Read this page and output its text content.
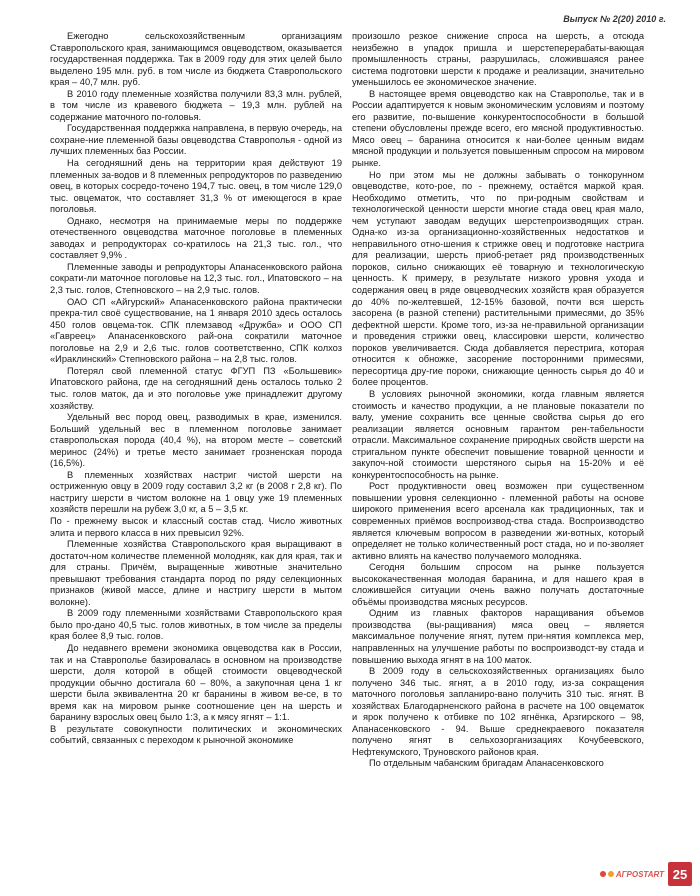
Выпуск № 2(20) 2010 г.

Ежегодно сельскохозяйственным организациям Ставропольского края, занимающимся овцеводством, оказывается государственная поддержка. Так в 2009 году для этих целей было выделено 195 млн. руб. в том числе из бюджета Ставропольского края – 40,7 млн. руб.

В 2010 году племенные хозяйства получили 83,3 млн. рублей, в том числе из кравевого бюджета – 19,3 млн. рублей на содержание маточного по-головья.

Государственная поддержка направлена, в первую очередь, на сохране-ние племенной базы овцеводства Ставрополья - одной из лучших племенных баз России.

На сегодняшний день на территории края действуют 19 племенных за-водов и 8 племенных репродукторов по разведению овец, в которых сосредо-точено 194,7 тыс. овец, в том числе 129,0 тыс. овцематок, что составляет 31,3 % от имеющегося в крае поголовья.

Однако, несмотря на принимаемые меры по поддержке отечественного овцеводства маточное поголовье в племенных заводах и репродукторах со-кратилось на 21,3 тыс. гол., что составляет 9,9% .

Племенные заводы и репродукторы Апанасенковского района сократи-ли маточное поголовье на 12,3 тыс. гол., Ипатовского – на 2,3 тыс. голов, Степновского – на 2,9 тыс. голов.

ОАО СП «Айгурский» Апанасенковского района практически прекра-тил своё существование, на 1 января 2010 здесь осталось 450 голов овцема-ток. СПК племзавод «Дружба» и ООО СП «Гавреец» Апанасенковского рай-она сократили маточное поголовье на 2,9 и 2,6 тыс. голов соответственно, СПК колхоз «Ираклинский» Степновского района – на 2,8 тыс. голов.

Потерял свой племенной статус ФГУП ПЗ «Большевик» Ипатовского района, где на сегодняшний день осталось только 2 тыс. голов маток, да и это поголовье уже принадлежит другому хозяйству.

Удельный вес пород овец, разводимых в крае, изменился. Больший удельный вес в племенном поголовье занимает ставропольская порода (40,4 %), на втором месте – советский меринос (24%) и третье место занимает грозненская порода (16,5%).

В племенных хозяйствах настриг чистой шерсти на остриженную овцу в 2009 году составил 3,2 кг (в 2008 г 2,8 кг). По настригу шерсти в чистом волокне на 1 овцу уже 19 племенных хозяйств перешли на рубеж 3,0 кг, а 5 – 3,5 кг.

По - прежнему высок и классный состав стад. Число животных элита и первого класса в них превысил 92%.

Племенные хозяйства Ставропольского края выращивают в достаточ-ном количестве племенной молодняк, как для края, так и для страны. Причём, выращенные животные значительно превышают требования стандарта пород по ряду селекционных признаков (живой массе, длине и настригу шерсти в мытом волокне).

В 2009 году племенными хозяйствами Ставропольского края было про-дано 40,5 тыс. голов животных, в том числе за пределы края более 8,9 тыс. голов.

До недавнего времени экономика овцеводства как в России, так и на Ставрополье базировалась в основном на производстве шерсти, доля которой в общей стоимости овцеводческой продукции обычно достигала 60 – 80%, а закупочная цена 1 кг шерсти была эквивалентна 20 кг баранины в живом ве-се, в то время как на мировом рынке соотношение цен на шерсть и баранину взрослых овец было 1:3, а к мясу ягнят – 1:1.

В результате совокупности политических и экономических событий, связанных с переходом к рыночной экономике

произошло резкое снижение спроса на шерсть, а отсюда неизбежно в упадок пришла и шерстеперерабаты-вающая промышленность страны, разрушилась, сложившаяся ранее система подготовки шерсти к продаже и реализации, значительно уменьшилось ее экономическое значение.

В настоящее время овцеводство как на Ставрополье, так и в России адаптируется к новым экономическим условиям и поэтому его развитие, по-вышение конкурентоспособности в большой степени обусловлены прежде всего, его мясной продуктивностью. Мясо овец – баранина относится к наи-более ценным видам мясной продукции и пользуется повышенным спросом на мировом рынке.

Но при этом мы не должны забывать о тонкорунном овцеводстве, кото-рое, по - прежнему, остаётся маркой края. Необходимо отметить, что по при-родным свойствам и технологической ценности шерсти многие стада овец края мало, чем уступают заводам ведущих шерстепроизводящих стран. Одна-ко из-за организационно-хозяйственных недостатков и неправильного отно-шения к стрижке овец и подготовке настрига для реализации, шерсть приоб-ретает ряд производственных пороков, сильно снижающих её товарную и технологическую ценность. К примеру, в результате низкого уровня ухода и содержания овец в ряде овцеводческих хозяйств края образуется до 40% по-желтевшей, 12-15% базовой, почти вся шерсть засорена (в разной степени) растительными примесями, до 35% дефектной шерсти. Кроме того, из-за не-правильной организации и проведения стрижки овец, классировки шерсти, количество пороков увеличивается. Сюда добавляется перестрига, которая относится к обножке, засорение посторонними примесями, пересортица дру-гие пороки, снижающие ценность сырья до 40 и более процентов.

В условиях рыночной экономики, когда главным является стоимость и качество продукции, а не плановые показатели по валу, умение сохранить все ценные свойства сырья до его реализации является основным гарантом рен-табельности отрасли. Максимальное сохранение природных свойств шерсти на стригальном пункте обеспечит повышение товарной ценности и закупоч-ной стоимости шерстяного сырья на 15-20% и её конкурентоспособность на рынке.

Рост продуктивности овец возможен при существенном повышении уровня селекционно - племенной работы на основе широкого применения всего арсенала как традиционных, так и современных приёмов воспроизвод-ства стада. Воспроизводство является ключевым вопросом в разведении жи-вотных, который определяет не только количественный рост стада, но и по-зволяет активно влиять на качество получаемого молодняка.

Сегодня большим спросом на рынке пользуется высококачественная молодая баранина, и для нашего края в сложившейся ситуации очень важно получать достаточные объёмы производства мясных ресурсов.

Одним из главных факторов наращивания объемов производства (вы-ращивания) мяса овец – является максимальное получение ягнят, путем при-нятия комплекса мер, направленных на улучшение работы по воспроизводст-ву стада и повышению выхода ягнят в на 100 маток.

В 2009 году в сельскохозяйственных организациях было получено 346 тыс. ягнят, а в 2010 году, из-за сокращения маточного поголовья запланиро-вано получить 310 тыс. ягнят. В хозяйствах Благодарненского района в расчете на 100 овцематок и ярок получено к отбивке по 102 ягнёнка, Арзгирского – 98, Апанасенковского - 94. Выше среднекраевого показателя получено ягнят в сельхозорганизациях Кочубеевского, Нефтекумского, Труновского районов края.

По отдельным чабанским бригадам Апанасенковского

АГРОSTART 25
